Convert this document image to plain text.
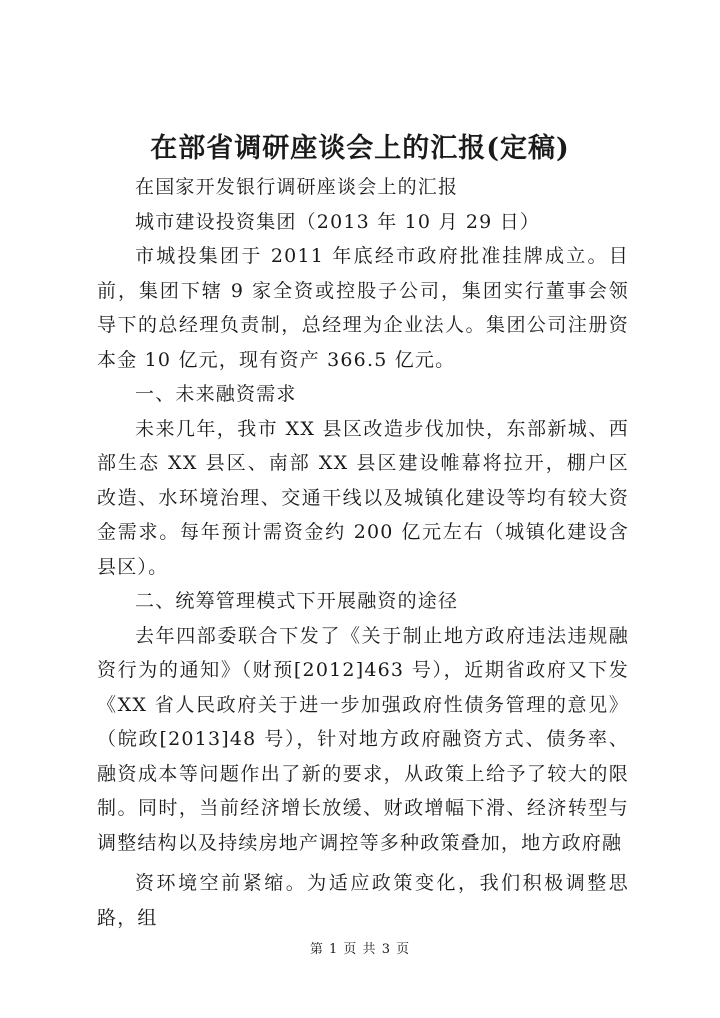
在部省调研座谈会上的汇报(定稿)

在国家开发银行调研座谈会上的汇报

城市建设投资集团（2013 年 10 月 29 日）

市城投集团于 2011 年底经市政府批准挂牌成立。目前，集团下辖 9 家全资或控股子公司，集团实行董事会领导下的总经理负责制，总经理为企业法人。集团公司注册资本金 10 亿元，现有资产 366.5 亿元。

一、未来融资需求

未来几年，我市 XX 县区改造步伐加快，东部新城、西部生态 XX 县区、南部 XX 县区建设帷幕将拉开，棚户区改造、水环境治理、交通干线以及城镇化建设等均有较大资金需求。每年预计需资金约 200 亿元左右（城镇化建设含县区）。

二、统筹管理模式下开展融资的途径

去年四部委联合下发了《关于制止地方政府违法违规融资行为的通知》（财预[2012]463 号），近期省政府又下发《XX 省人民政府关于进一步加强政府性债务管理的意见》（皖政[2013]48 号），针对地方政府融资方式、债务率、融资成本等问题作出了新的要求，从政策上给予了较大的限制。同时，当前经济增长放缓、财政增幅下滑、经济转型与调整结构以及持续房地产调控等多种政策叠加，地方政府融

资环境空前紧缩。为适应政策变化，我们积极调整思路，组

第 1 页 共 3 页
